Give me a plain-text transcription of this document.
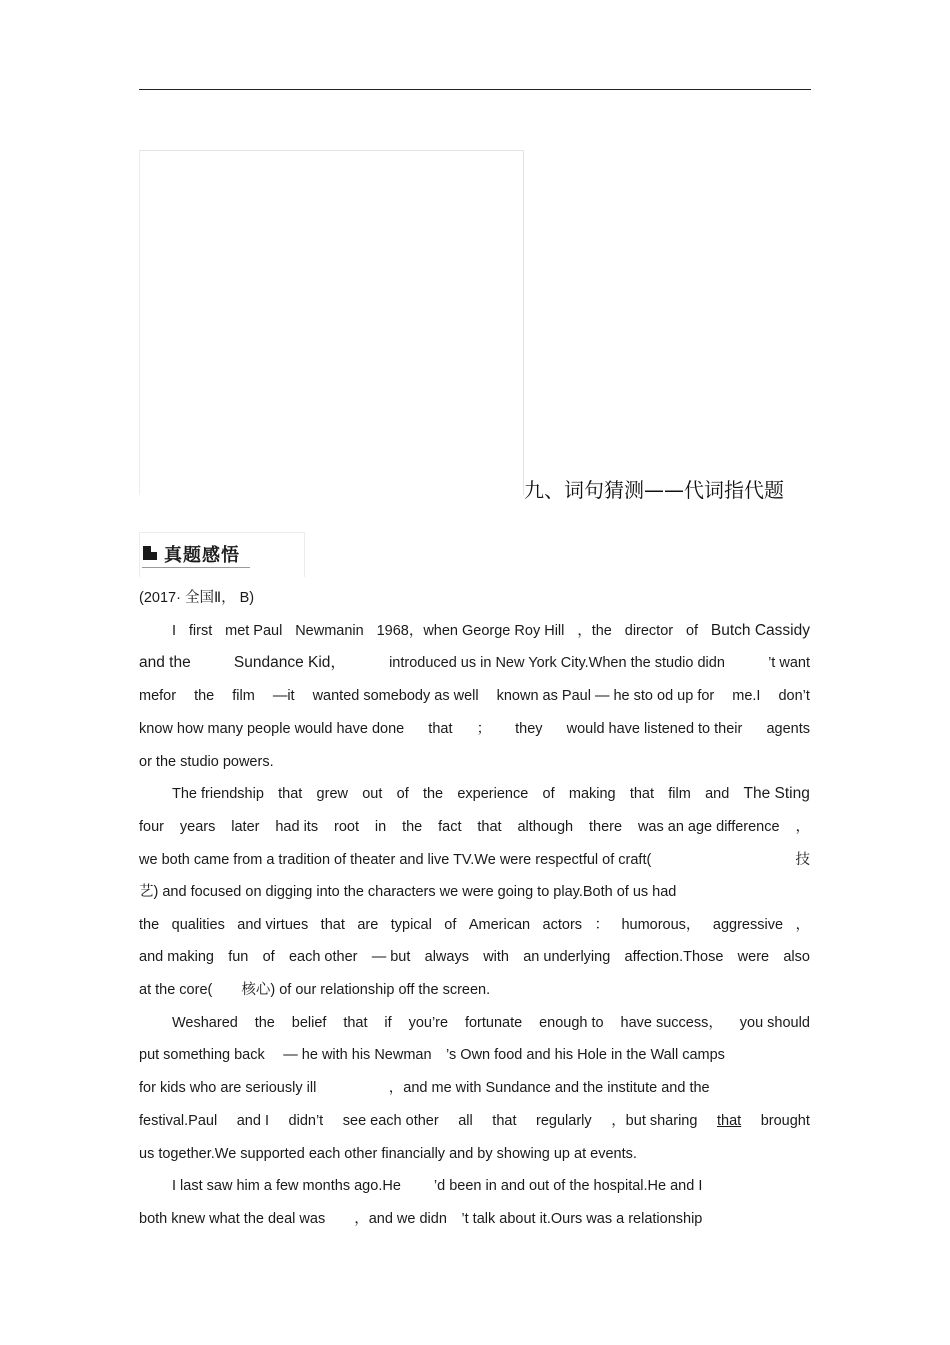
九、词句猜测——代词指代题
真题感悟
(2017· 全国Ⅱ， B)
I first met Paul Newmanin 1968，when George Roy Hill ，the director of Butch Cassidy
and the	Sundance Kid，	introduced us in New York City.When the studio didn	’t want
mefor the film —it wanted somebody as well known as Paul — he sto od up for me.I don’t
know how many people would have done that ； they would have listened to their agents
or the studio powers.
The friendship that grew out of the experience of making that film and The Sting
four years later had its root in the fact that although there was an age difference ，
we both came from a tradition of theater and live TV.We were respectful of craft(	技
艺) and focused on digging into the characters we were going to play.Both of us had
the qualities and virtues that are typical of American actors ： humorous， aggressive ，
and making fun of each other — but always with an underlying affection.Those were also
at the core(　　核心) of our relationship off the screen.
Weshared the belief that if you’re fortunate enough to have success， you should
put something back　 — he with his Newman　’s Own food and his Hole in the Wall camps
for kids who are seriously ill　　　　　，and me with Sundance and the institute and the
festival.Paul and I didn’t see each other all that regularly ，but sharing that brought
us together.We supported each other financially and by showing up at events.
I last saw him a few months ago.He　　 ’d been in and out of the hospital.He and I
both knew what the deal was　　，and we didn　’t talk about it.Ours was a relationship
